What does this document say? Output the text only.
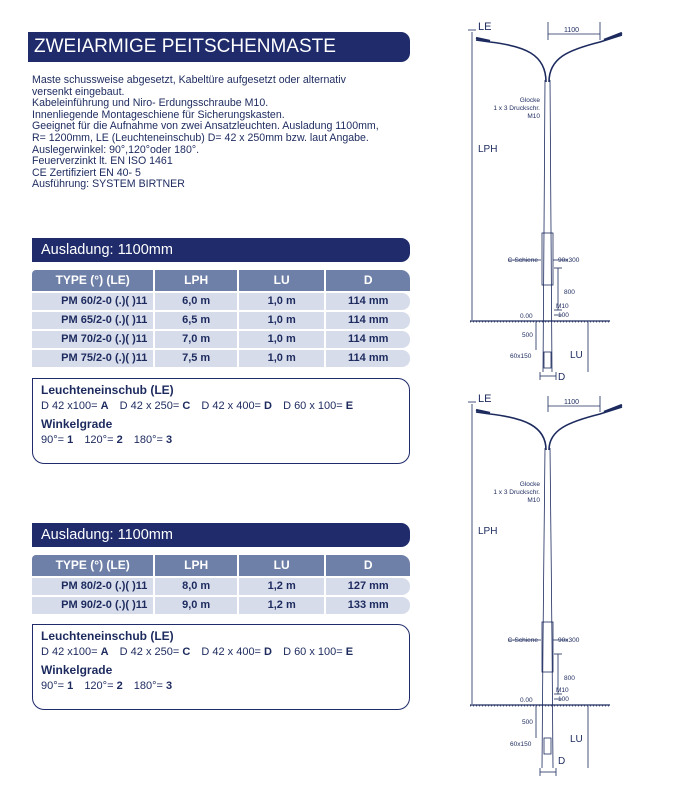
ZWEIARMIGE PEITSCHENMASTE
Maste schussweise abgesetzt, Kabeltüre aufgesetzt oder alternativ
versenkt eingebaut.
Kabeleinführung und Niro- Erdungsschraube M10.
Innenliegende Montageschiene für Sicherungskasten.
Geeignet für die Aufnahme von zwei Ansatzleuchten. Ausladung 1100mm,
R= 1200mm, LE (Leuchteneinschub) D= 42 x 250mm bzw. laut Angabe.
Auslegerwinkel: 90°,120°oder 180°.
Feuerverzinkt lt. EN ISO 1461
CE Zertifiziert EN 40- 5
Ausführung: SYSTEM BIRTNER
Ausladung: 1100mm
TYPE (°) (LE)	LPH	LU	D
PM 60/2-0 (.)( )11	6,0 m	1,0 m	114 mm
PM 65/2-0 (.)( )11	6,5 m	1,0 m	114 mm
PM 70/2-0 (.)( )11	7,0 m	1,0 m	114 mm
PM 75/2-0 (.)( )11	7,5 m	1,0 m	114 mm
Leuchteneinschub (LE)
D 42 x100= A D 42 x 250= C D 42 x 400= D D 60 x 100= E
Winkelgrade
90°= 1 120°= 2 180°= 3
Ausladung: 1100mm
TYPE (°) (LE)	LPH	LU	D
PM 80/2-0 (.)( )11	8,0 m	1,2 m	127 mm
PM 90/2-0 (.)( )11	9,0 m	1,2 m	133 mm
Leuchteneinschub (LE)
D 42 x100= A D 42 x 250= C D 42 x 400= D D 60 x 100= E
Winkelgrade
90°= 1 120°= 2 180°= 3
LE	1100
Glocke
1 x 3 Druckschr.
M10
LPH
C-Schiene	90x300
800
M10
100
0.00
500
60x150	LU
D
LE	1100
Glocke
1 x 3 Druckschr.
M10
LPH
C-Schiene	90x300
800
M10
100
0.00
500
60x150	LU
D
